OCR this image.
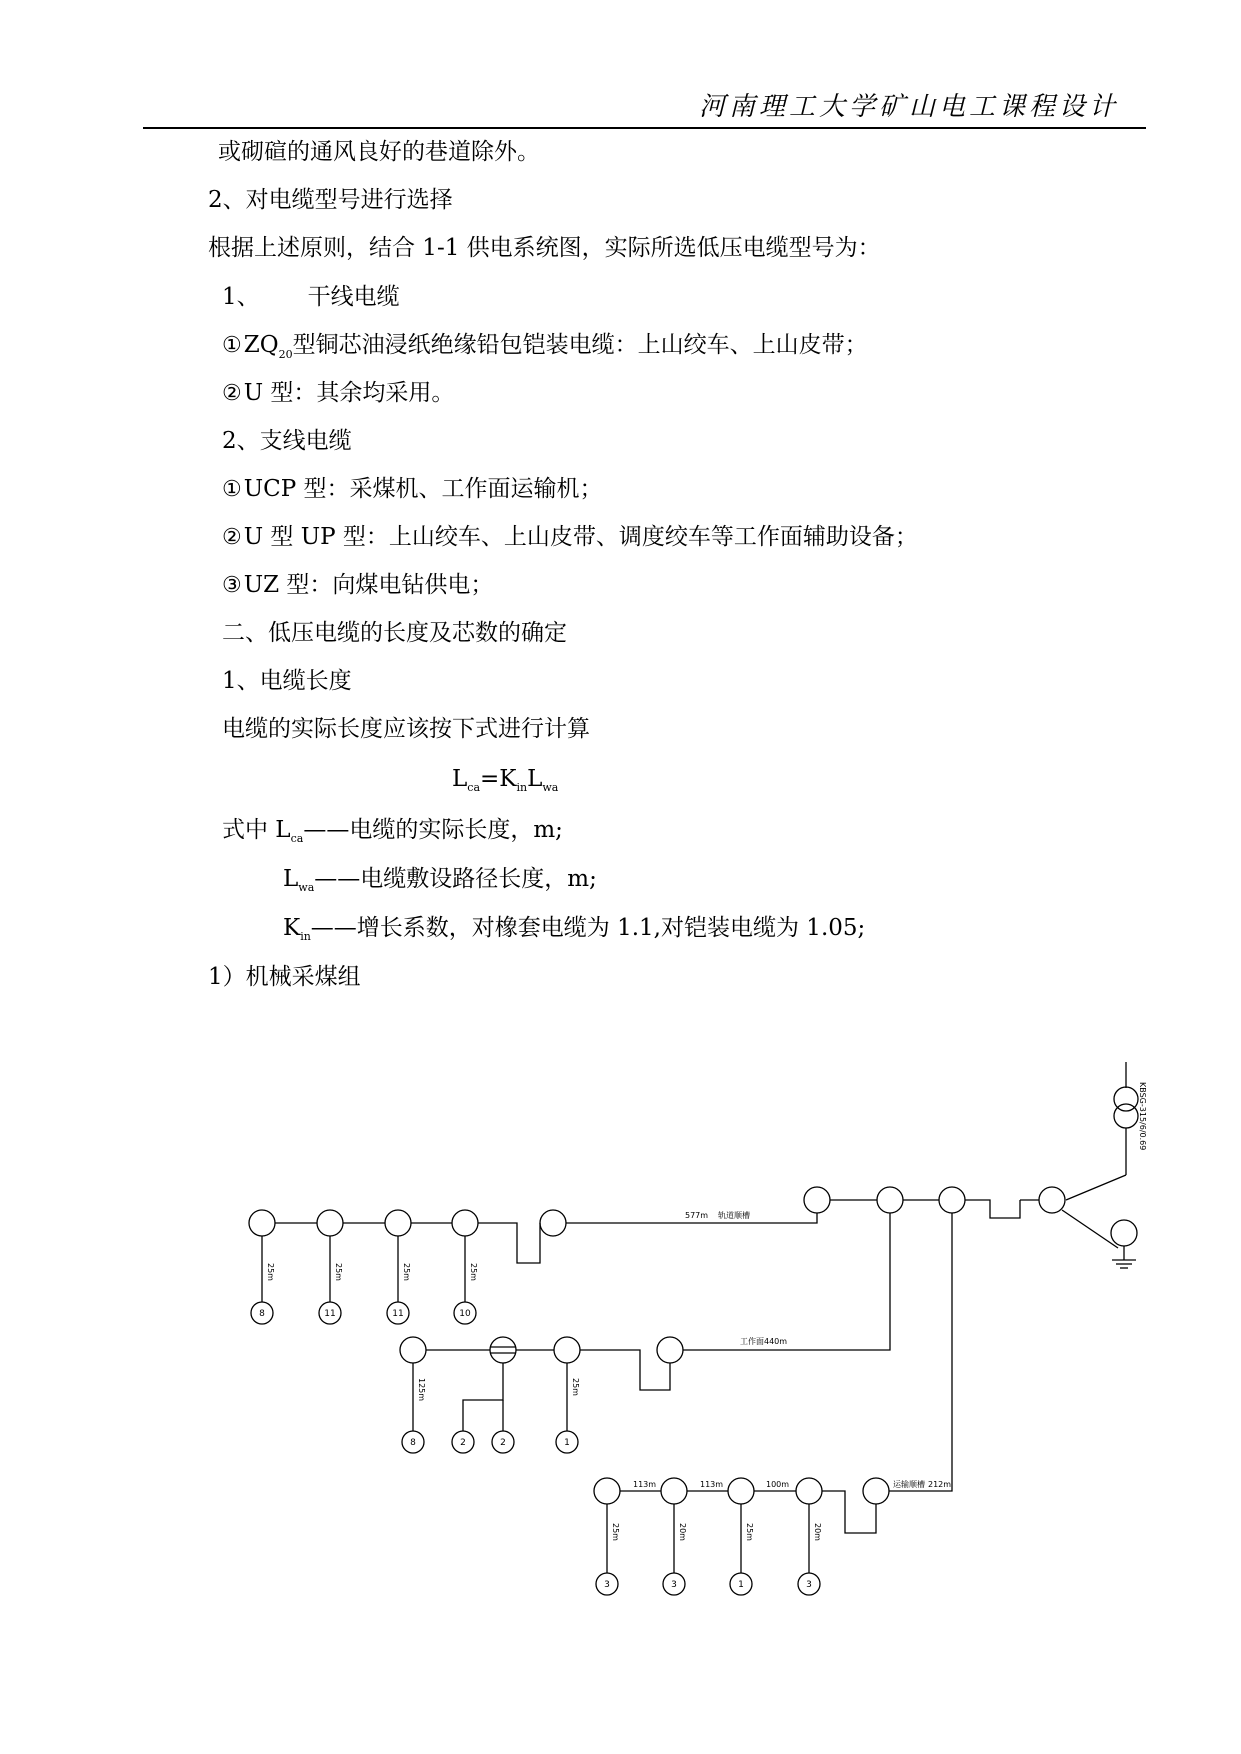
河南理工大学矿山电工课程设计
或砌碹的通风良好的巷道除外。
2、对电缆型号进行选择
根据上述原则，结合 1-1 供电系统图，实际所选低压电缆型号为：
1、 干线电缆
$①ZQ_{20}$型铜芯油浸纸绝缘铅包铠装电缆：上山绞车、上山皮带；
②U 型：其余均采用。
2、支线电缆
①UCP 型：采煤机、工作面运输机；
②U 型 UP 型：上山绞车、上山皮带、调度绞车等工作面辅助设备；
③UZ 型：向煤电钻供电；
二、低压电缆的长度及芯数的确定
1、电缆长度
电缆的实际长度应该按下式进行计算
$L_{ca}=K_{in}L_{wa}$
式中 $L_{ca}——$电缆的实际长度，m;
$L_{wa}——$电缆敷设路径长度，m;
$K_{in}——$增长系数，对橡套电缆为 1.1,对铠装电缆为 1.05;
1）机械采煤组
KBSG-315/6/0.69
577m 轨道顺槽
工作面 440m
运输顺槽 212m
113m	113m	100m
25m	25m	25m	25m
125m	25m
25m	20m	25m	20m
8	11	11	10
8	2	2	1
3	3	1	3
